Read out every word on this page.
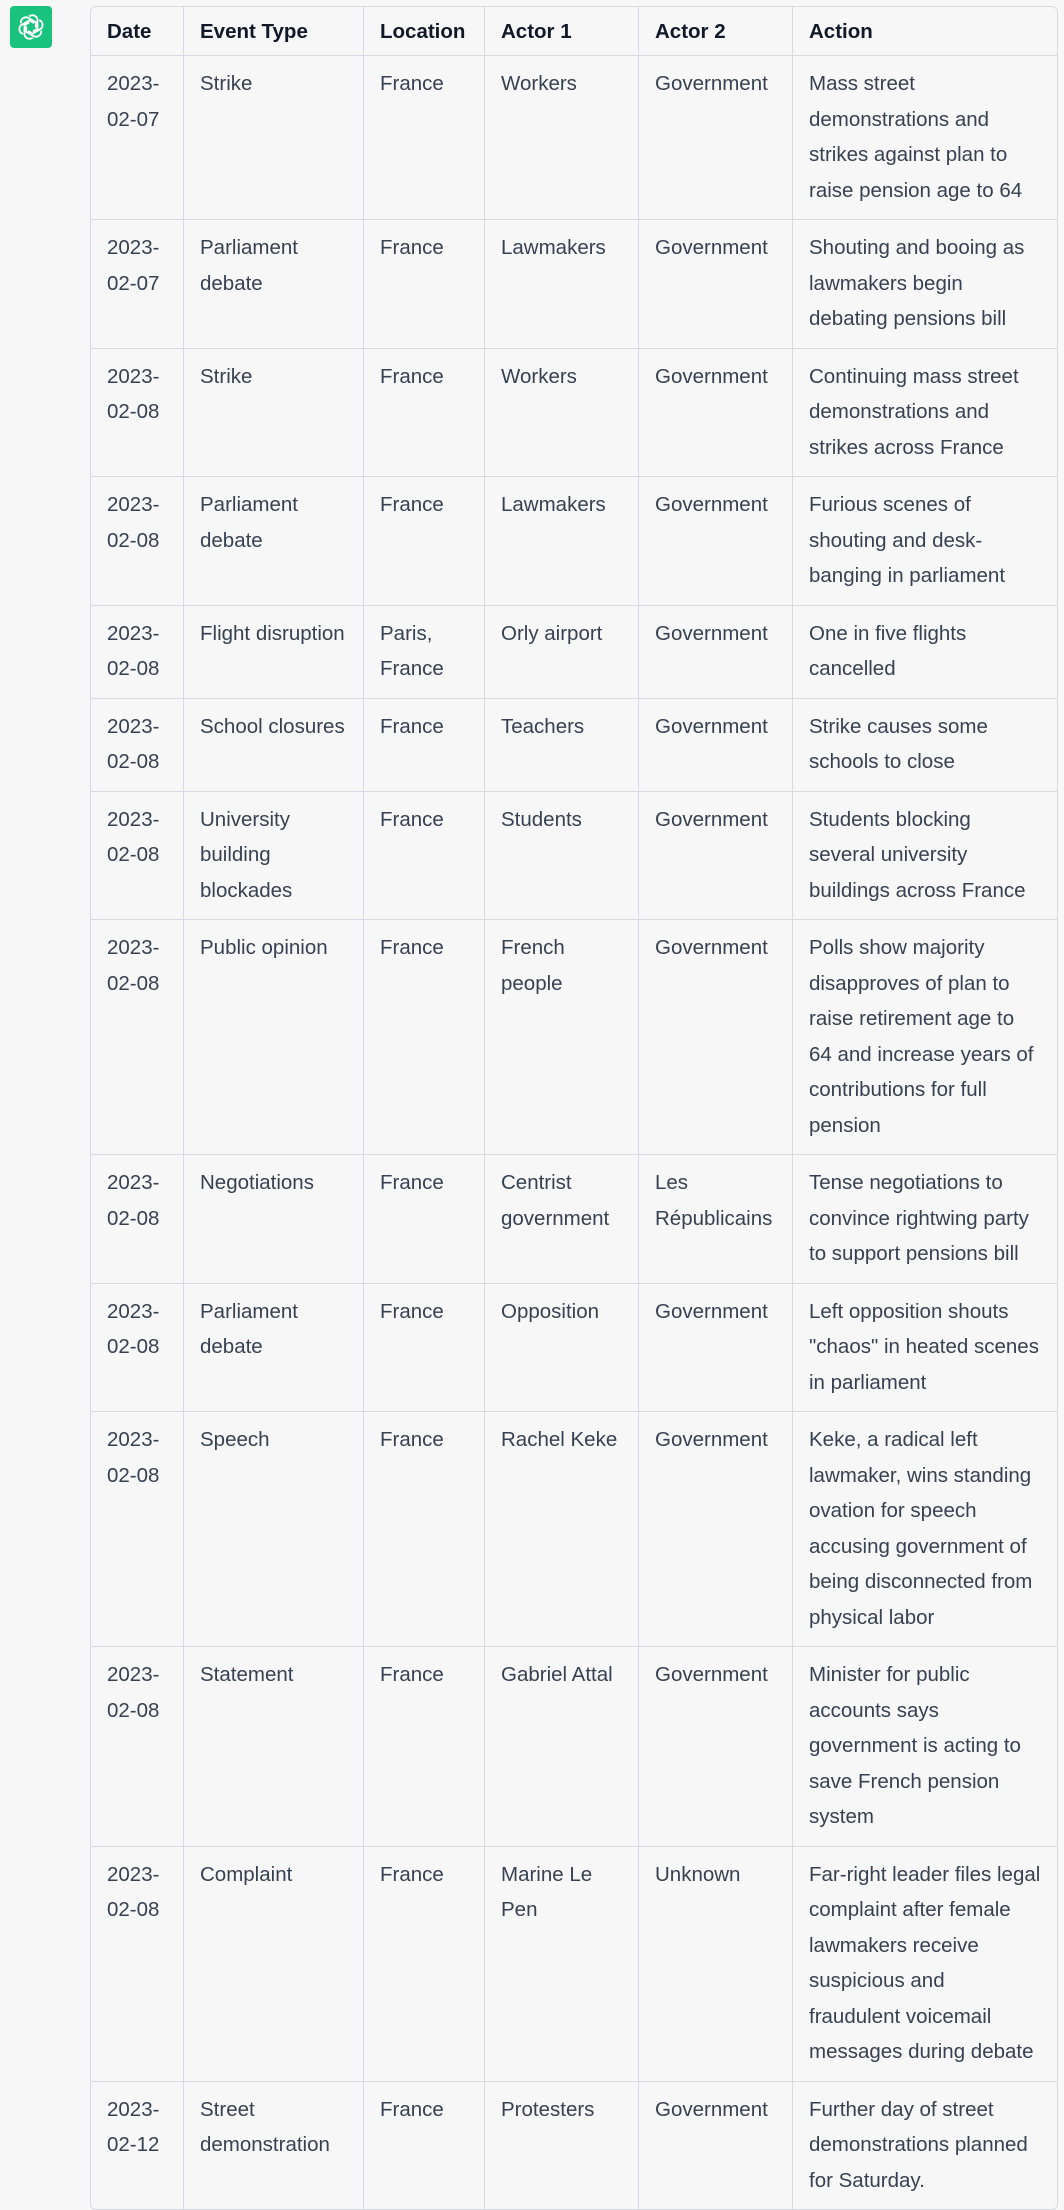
Date	Event Type	Location	Actor 1	Actor 2	Action
2023-02-07	Strike	France	Workers	Government	Mass street demonstrations and strikes against plan to raise pension age to 64
2023-02-07	Parliament debate	France	Lawmakers	Government	Shouting and booing as lawmakers begin debating pensions bill
2023-02-08	Strike	France	Workers	Government	Continuing mass street demonstrations and strikes across France
2023-02-08	Parliament debate	France	Lawmakers	Government	Furious scenes of shouting and desk-banging in parliament
2023-02-08	Flight disruption	Paris, France	Orly airport	Government	One in five flights cancelled
2023-02-08	School closures	France	Teachers	Government	Strike causes some schools to close
2023-02-08	University building blockades	France	Students	Government	Students blocking several university buildings across France
2023-02-08	Public opinion	France	French people	Government	Polls show majority disapproves of plan to raise retirement age to 64 and increase years of contributions for full pension
2023-02-08	Negotiations	France	Centrist government	Les Républicains	Tense negotiations to convince rightwing party to support pensions bill
2023-02-08	Parliament debate	France	Opposition	Government	Left opposition shouts "chaos" in heated scenes in parliament
2023-02-08	Speech	France	Rachel Keke	Government	Keke, a radical left lawmaker, wins standing ovation for speech accusing government of being disconnected from physical labor
2023-02-08	Statement	France	Gabriel Attal	Government	Minister for public accounts says government is acting to save French pension system
2023-02-08	Complaint	France	Marine Le Pen	Unknown	Far-right leader files legal complaint after female lawmakers receive suspicious and fraudulent voicemail messages during debate
2023-02-12	Street demonstration	France	Protesters	Government	Further day of street demonstrations planned for Saturday.
